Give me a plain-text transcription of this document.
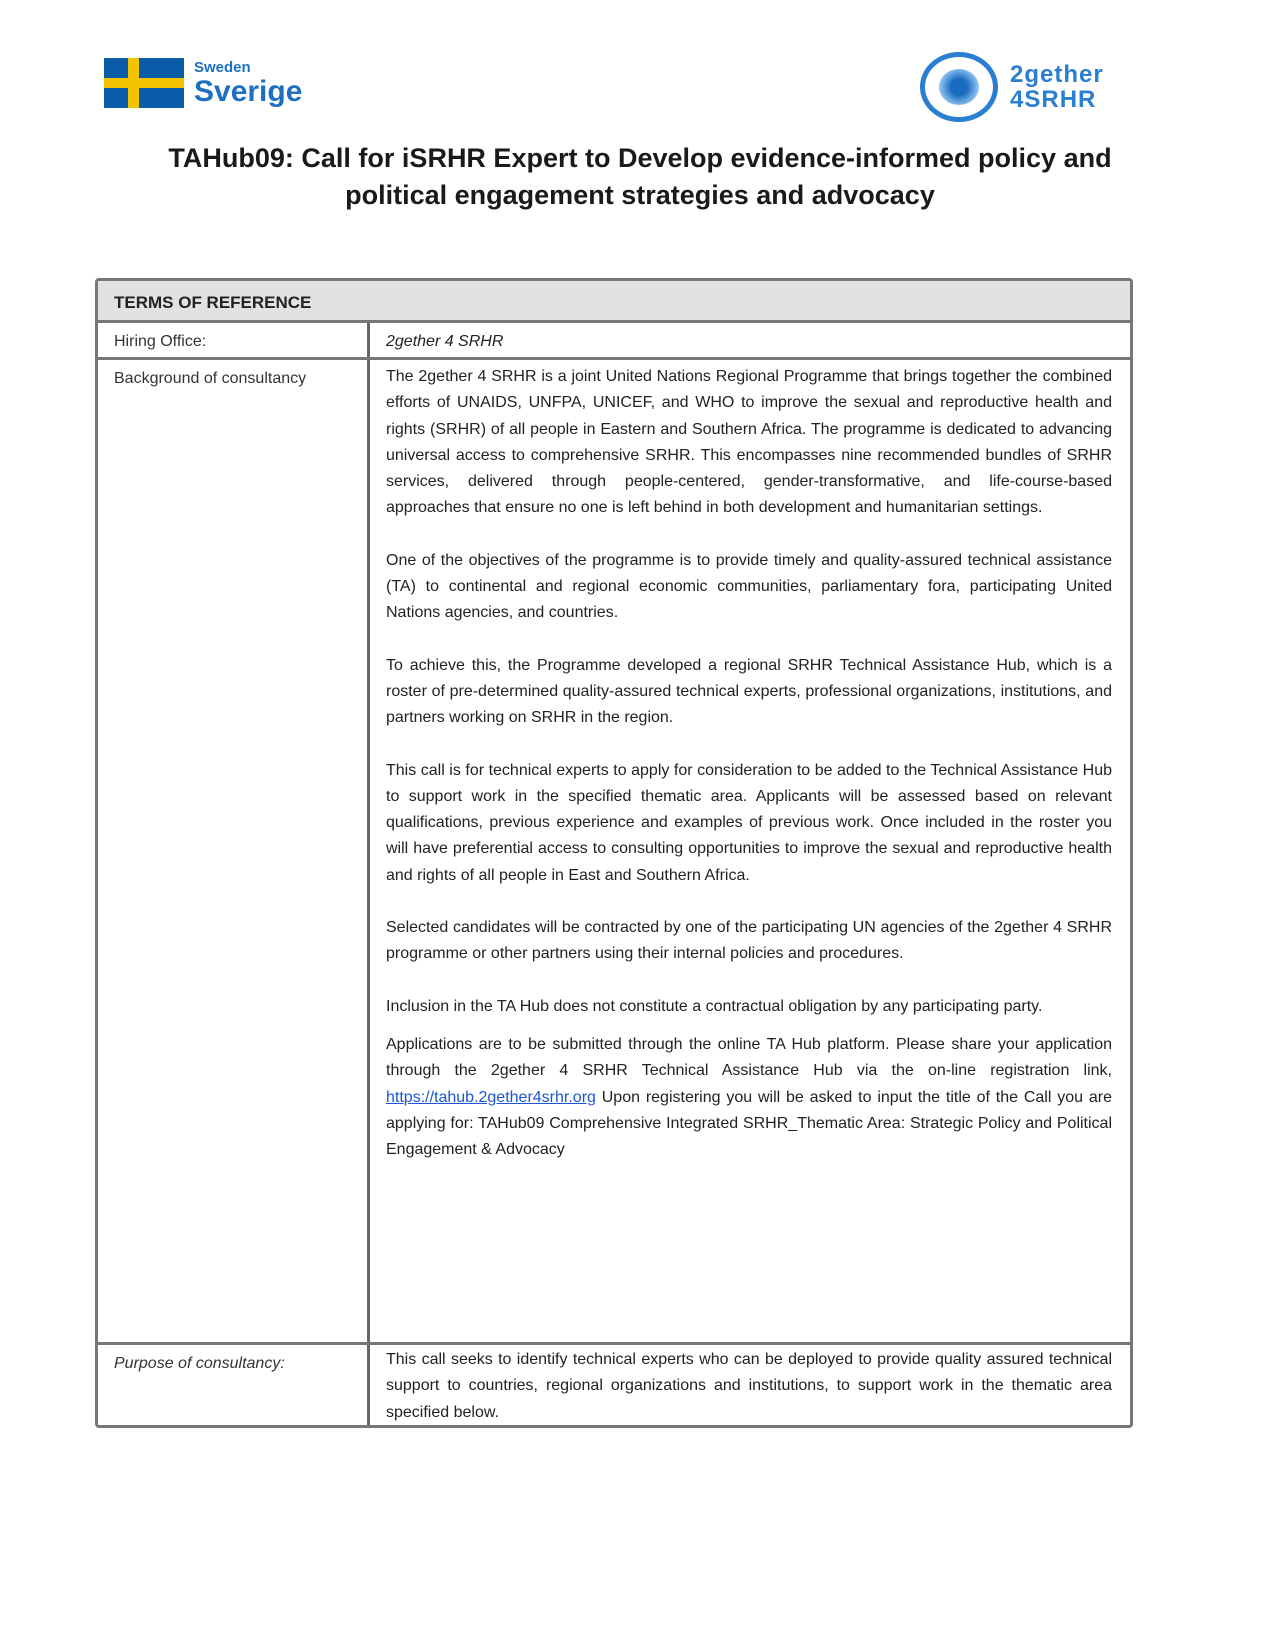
Sweden
Sverige
2gether
4SRHR
TAHub09: Call for iSRHR Expert to Develop evidence-informed policy and political engagement strategies and advocacy
TERMS OF REFERENCE
Hiring Office:	2gether 4 SRHR
Background of consultancy	The 2gether 4 SRHR is a joint United Nations Regional Programme that brings together the combined efforts of UNAIDS, UNFPA, UNICEF, and WHO to improve the sexual and reproductive health and rights (SRHR) of all people in Eastern and Southern Africa. The programme is dedicated to advancing universal access to comprehensive SRHR. This encompasses nine recommended bundles of SRHR services, delivered through people-centered, gender-transformative, and life-course-based approaches that ensure no one is left behind in both development and humanitarian settings.

One of the objectives of the programme is to provide timely and quality-assured technical assistance (TA) to continental and regional economic communities, parliamentary fora, participating United Nations agencies, and countries.

To achieve this, the Programme developed a regional SRHR Technical Assistance Hub, which is a roster of pre-determined quality-assured technical experts, professional organizations, institutions, and partners working on SRHR in the region.

This call is for technical experts to apply for consideration to be added to the Technical Assistance Hub to support work in the specified thematic area. Applicants will be assessed based on relevant qualifications, previous experience and examples of previous work. Once included in the roster you will have preferential access to consulting opportunities to improve the sexual and reproductive health and rights of all people in East and Southern Africa.

Selected candidates will be contracted by one of the participating UN agencies of the 2gether 4 SRHR programme or other partners using their internal policies and procedures.

Inclusion in the TA Hub does not constitute a contractual obligation by any participating party.

Applications are to be submitted through the online TA Hub platform. Please share your application through the 2gether 4 SRHR Technical Assistance Hub via the on-line registration link, https://tahub.2gether4srhr.org Upon registering you will be asked to input the title of the Call you are applying for: TAHub09 Comprehensive Integrated SRHR_Thematic Area: Strategic Policy and Political Engagement & Advocacy

Purpose of consultancy:	This call seeks to identify technical experts who can be deployed to provide quality assured technical support to countries, regional organizations and institutions, to support work in the thematic area specified below.
